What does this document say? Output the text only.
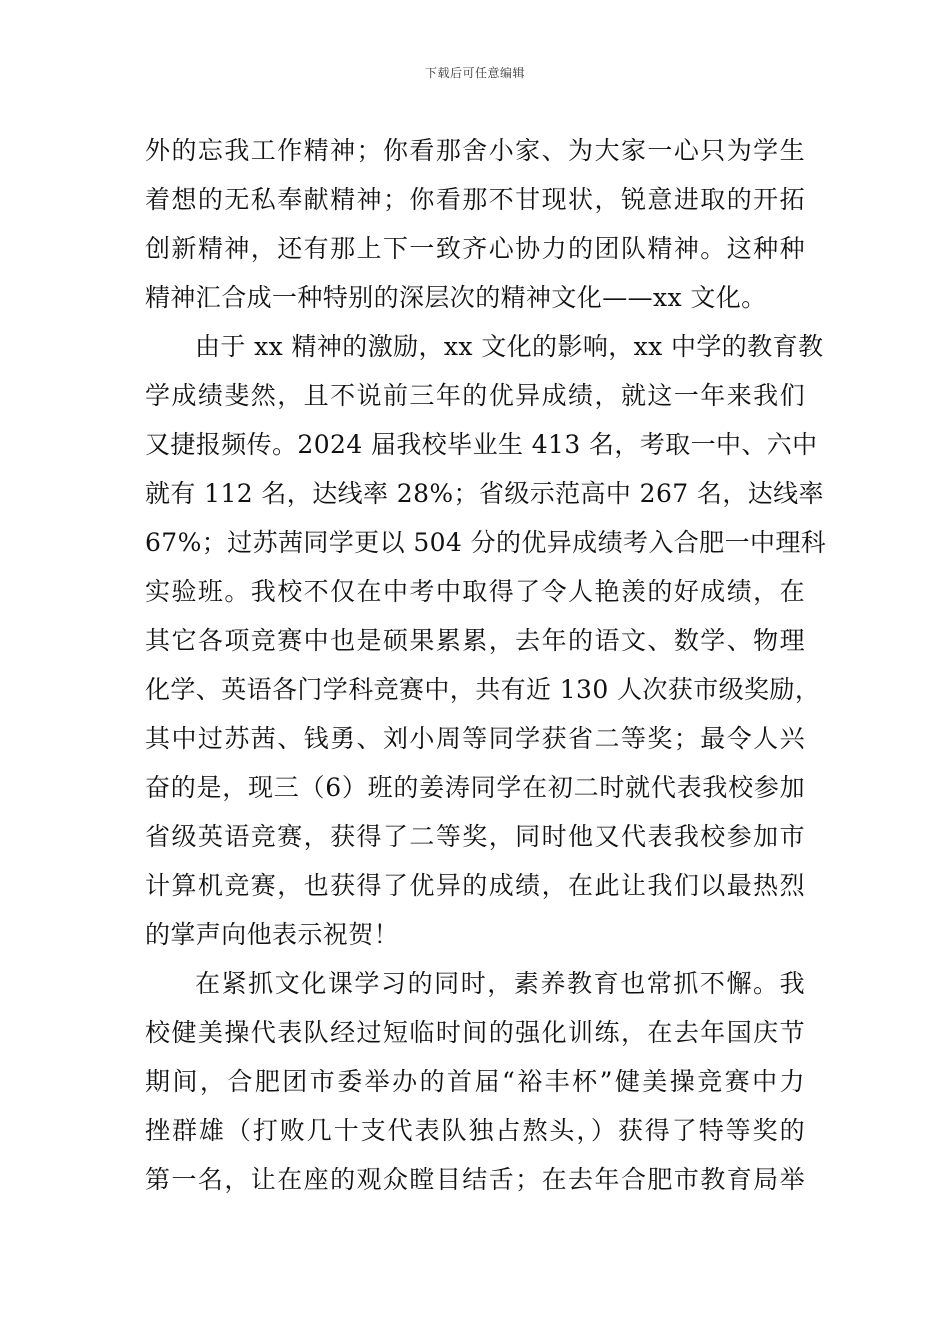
下载后可任意编辑
外的忘我工作精神；你看那舍小家、为大家一心只为学生
着想的无私奉献精神；你看那不甘现状，锐意进取的开拓
创新精神，还有那上下一致齐心协力的团队精神。这种种
精神汇合成一种特别的深层次的精神文化——xx 文化。
由于 xx 精神的激励，xx 文化的影响，xx 中学的教育教
学成绩斐然，且不说前三年的优异成绩，就这一年来我们
又捷报频传。2024 届我校毕业生 413 名，考取一中、六中
就有 112 名，达线率 28%；省级示范高中 267 名，达线率
67%；过苏茜同学更以 504 分的优异成绩考入合肥一中理科
实验班。我校不仅在中考中取得了令人艳羡的好成绩，在
其它各项竞赛中也是硕果累累，去年的语文、数学、物理
化学、英语各门学科竞赛中，共有近 130 人次获市级奖励，
其中过苏茜、钱勇、刘小周等同学获省二等奖；最令人兴
奋的是，现三（6）班的姜涛同学在初二时就代表我校参加
省级英语竞赛，获得了二等奖，同时他又代表我校参加市
计算机竞赛，也获得了优异的成绩，在此让我们以最热烈
的掌声向他表示祝贺！
在紧抓文化课学习的同时，素养教育也常抓不懈。我
校健美操代表队经过短临时间的强化训练，在去年国庆节
期间，合肥团市委举办的首届“裕丰杯”健美操竞赛中力
挫群雄（打败几十支代表队独占熬头，）获得了特等奖的
第一名，让在座的观众瞠目结舌；在去年合肥市教育局举
